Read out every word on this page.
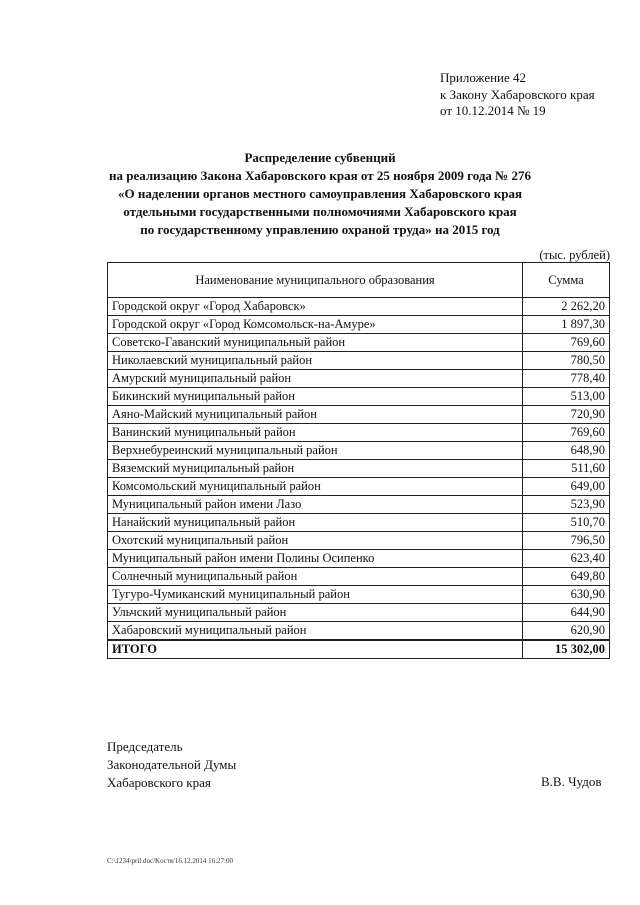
Приложение 42
к Закону Хабаровского края
от 10.12.2014 № 19
Распределение субвенций
на реализацию Закона Хабаровского края от 25 ноября 2009 года № 276
«О наделении органов местного самоуправления Хабаровского края
отдельными государственными полномочиями Хабаровского края
по государственному управлению охраной труда» на 2015 год
(тыс. рублей)
Наименование муниципального образования	Сумма
Городской округ «Город Хабаровск»	2 262,20
Городской округ «Город Комсомольск-на-Амуре»	1 897,30
Советско-Гаванский муниципальный район	769,60
Николаевский муниципальный район	780,50
Амурский муниципальный район	778,40
Бикинский муниципальный район	513,00
Аяно-Майский муниципальный район	720,90
Ванинский муниципальный район	769,60
Верхнебуреинский муниципальный район	648,90
Вяземский муниципальный район	511,60
Комсомольский муниципальный район	649,00
Муниципальный район имени Лазо	523,90
Нанайский муниципальный район	510,70
Охотский муниципальный район	796,50
Муниципальный район имени Полины Осипенко	623,40
Солнечный муниципальный район	649,80
Тугуро-Чумиканский муниципальный район	630,90
Ульчский муниципальный район	644,90
Хабаровский муниципальный район	620,90
ИТОГО	15 302,00
Председатель
Законодательной Думы
Хабаровского края	В.В. Чудов
C:\1234\pril.doc/Kocтя/16.12.2014 16:27:00
